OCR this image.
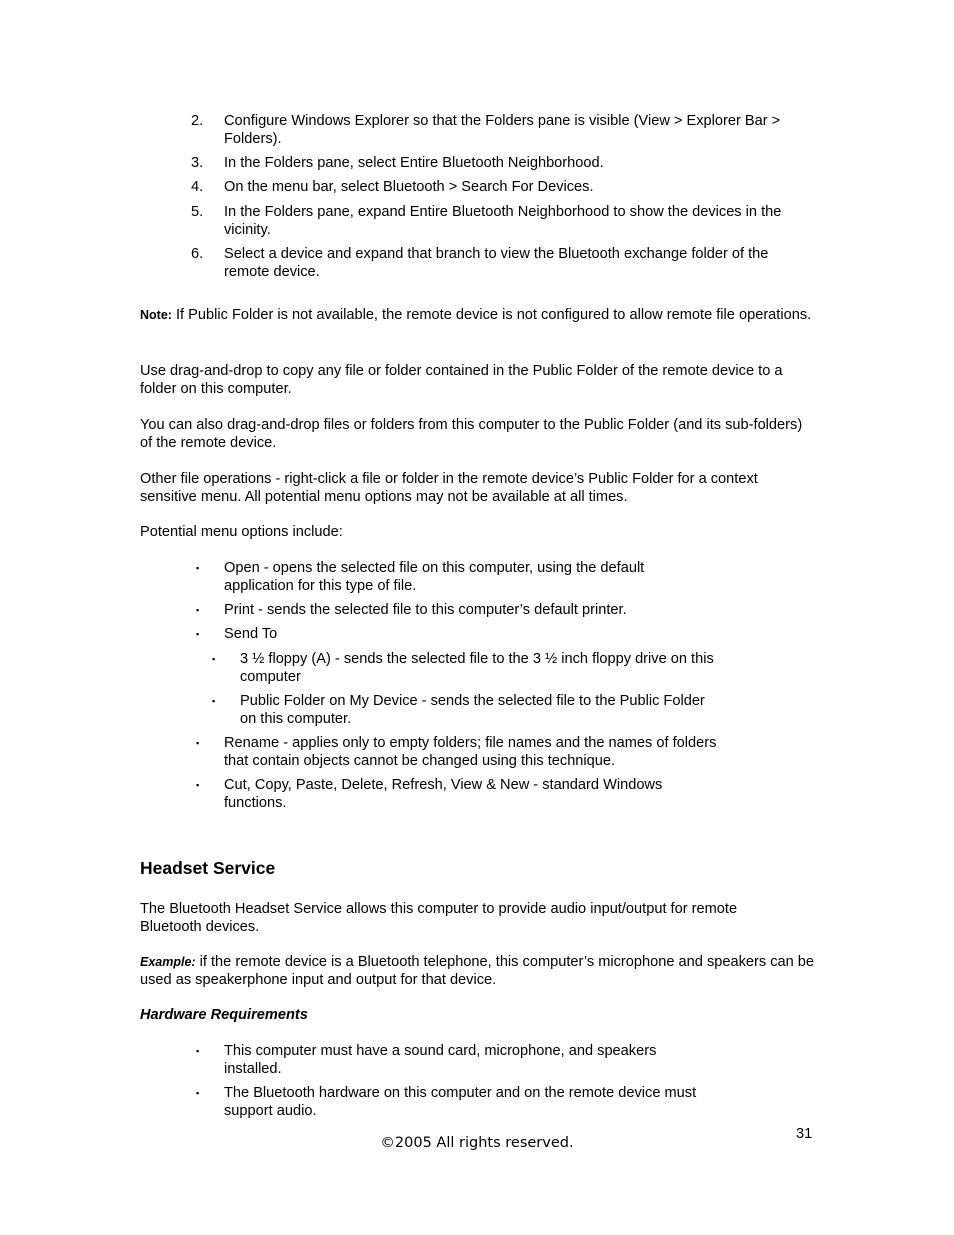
2. Configure Windows Explorer so that the Folders pane is visible (View > Explorer Bar > Folders).
3. In the Folders pane, select Entire Bluetooth Neighborhood.
4. On the menu bar, select Bluetooth > Search For Devices.
5. In the Folders pane, expand Entire Bluetooth Neighborhood to show the devices in the vicinity.
6. Select a device and expand that branch to view the Bluetooth exchange folder of the remote device.
Note: If Public Folder is not available, the remote device is not configured to allow remote file operations.
Use drag-and-drop to copy any file or folder contained in the Public Folder of the remote device to a folder on this computer.
You can also drag-and-drop files or folders from this computer to the Public Folder (and its sub-folders) of the remote device.
Other file operations - right-click a file or folder in the remote device’s Public Folder for a context sensitive menu. All potential menu options may not be available at all times.
Potential menu options include:
▪ Open - opens the selected file on this computer, using the default application for this type of file.
▪ Print - sends the selected file to this computer’s default printer.
▪ Send To
▪ 3 ½ floppy (A) - sends the selected file to the 3 ½ inch floppy drive on this computer
▪ Public Folder on My Device - sends the selected file to the Public Folder on this computer.
▪ Rename - applies only to empty folders; file names and the names of folders that contain objects cannot be changed using this technique.
▪ Cut, Copy, Paste, Delete, Refresh, View & New - standard Windows functions.
Headset Service
The Bluetooth Headset Service allows this computer to provide audio input/output for remote Bluetooth devices.
Example: if the remote device is a Bluetooth telephone, this computer’s microphone and speakers can be used as speakerphone input and output for that device.
Hardware Requirements
▪ This computer must have a sound card, microphone, and speakers installed.
▪ The Bluetooth hardware on this computer and on the remote device must support audio.
31
©2005 All rights reserved.
